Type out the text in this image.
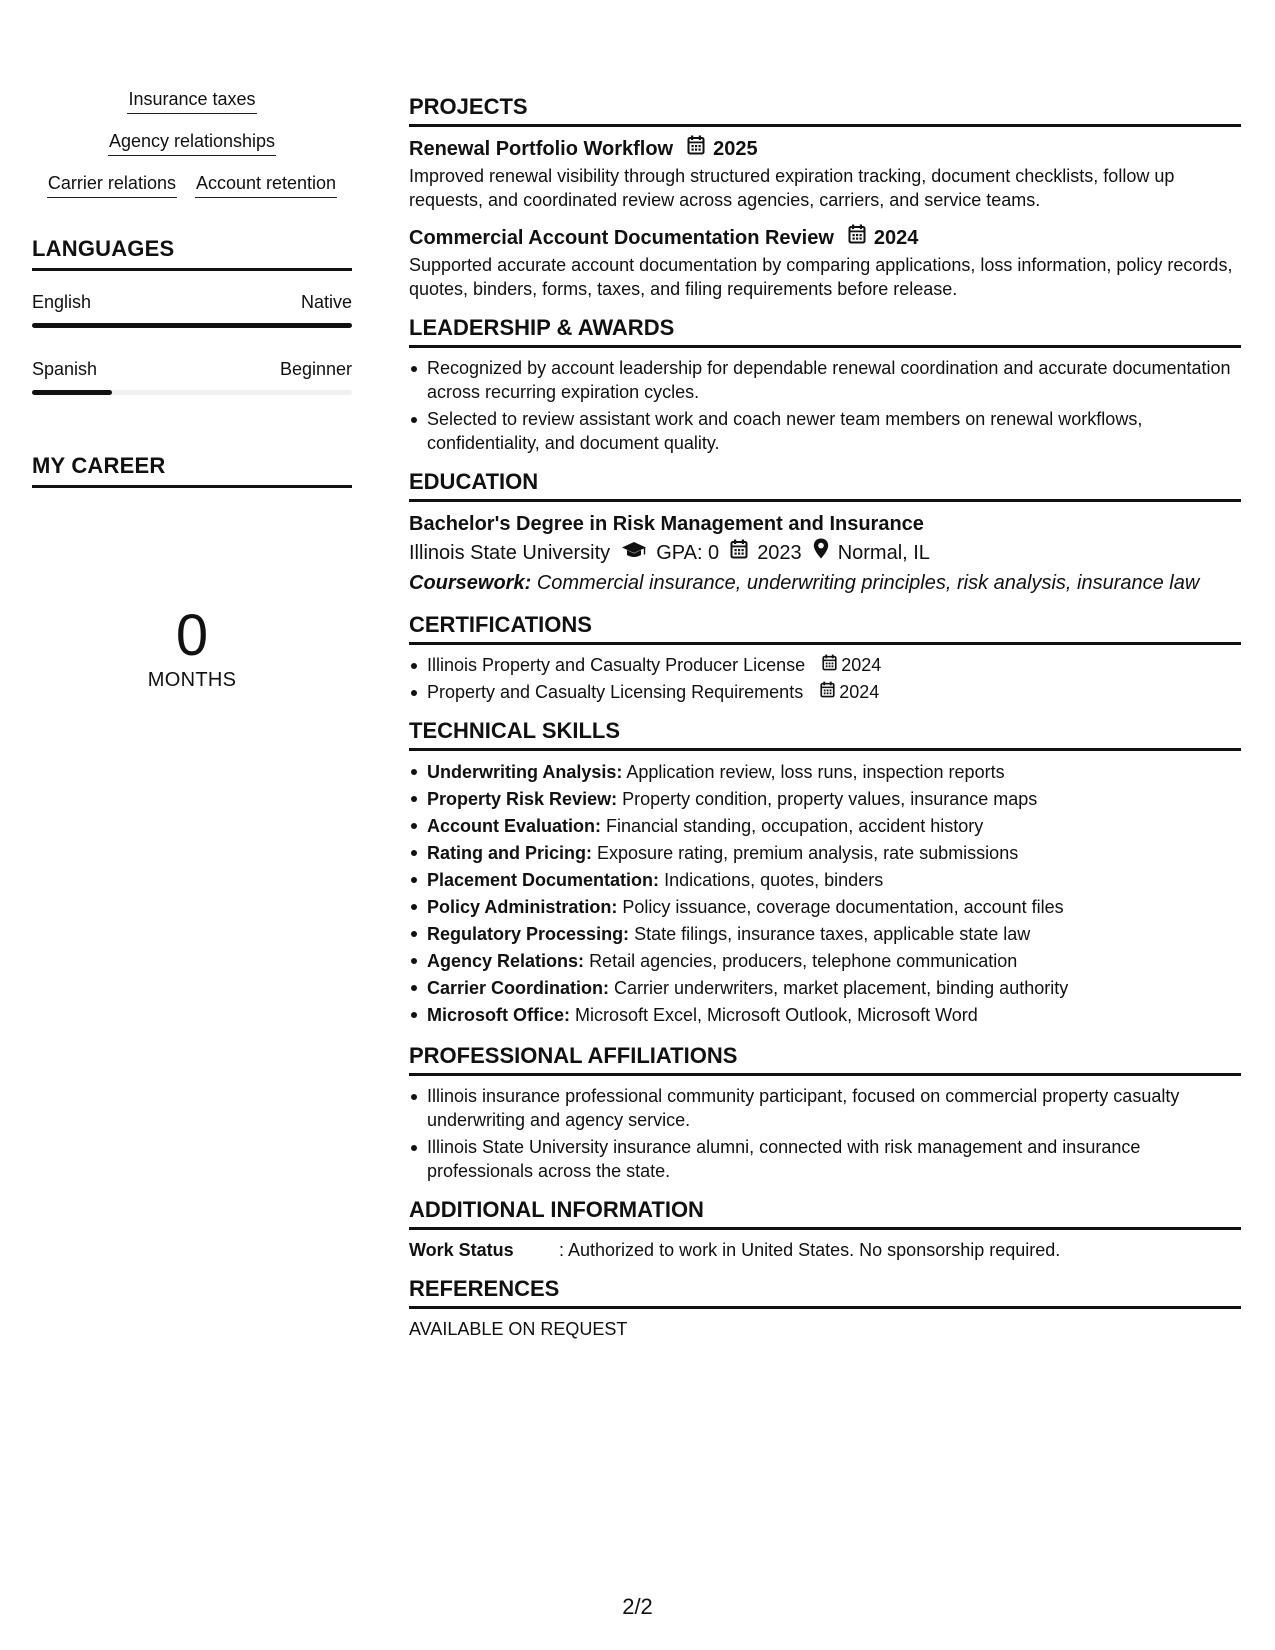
Insurance taxes
Agency relationships
Carrier relations Account retention
LANGUAGES
English	Native
Spanish	Beginner
MY CAREER
0
MONTHS
PROJECTS
Renewal Portfolio Workflow 2025
Improved renewal visibility through structured expiration tracking, document checklists, follow up requests, and coordinated review across agencies, carriers, and service teams.
Commercial Account Documentation Review 2024
Supported accurate account documentation by comparing applications, loss information, policy records, quotes, binders, forms, taxes, and filing requirements before release.
LEADERSHIP & AWARDS
Recognized by account leadership for dependable renewal coordination and accurate documentation across recurring expiration cycles.
Selected to review assistant work and coach newer team members on renewal workflows, confidentiality, and document quality.
EDUCATION
Bachelor's Degree in Risk Management and Insurance
Illinois State University GPA: 0 2023 Normal, IL
Coursework: Commercial insurance, underwriting principles, risk analysis, insurance law
CERTIFICATIONS
Illinois Property and Casualty Producer License 2024
Property and Casualty Licensing Requirements 2024
TECHNICAL SKILLS
Underwriting Analysis: Application review, loss runs, inspection reports
Property Risk Review: Property condition, property values, insurance maps
Account Evaluation: Financial standing, occupation, accident history
Rating and Pricing: Exposure rating, premium analysis, rate submissions
Placement Documentation: Indications, quotes, binders
Policy Administration: Policy issuance, coverage documentation, account files
Regulatory Processing: State filings, insurance taxes, applicable state law
Agency Relations: Retail agencies, producers, telephone communication
Carrier Coordination: Carrier underwriters, market placement, binding authority
Microsoft Office: Microsoft Excel, Microsoft Outlook, Microsoft Word
PROFESSIONAL AFFILIATIONS
Illinois insurance professional community participant, focused on commercial property casualty underwriting and agency service.
Illinois State University insurance alumni, connected with risk management and insurance professionals across the state.
ADDITIONAL INFORMATION
Work Status	: Authorized to work in United States. No sponsorship required.
REFERENCES
AVAILABLE ON REQUEST
2/2
